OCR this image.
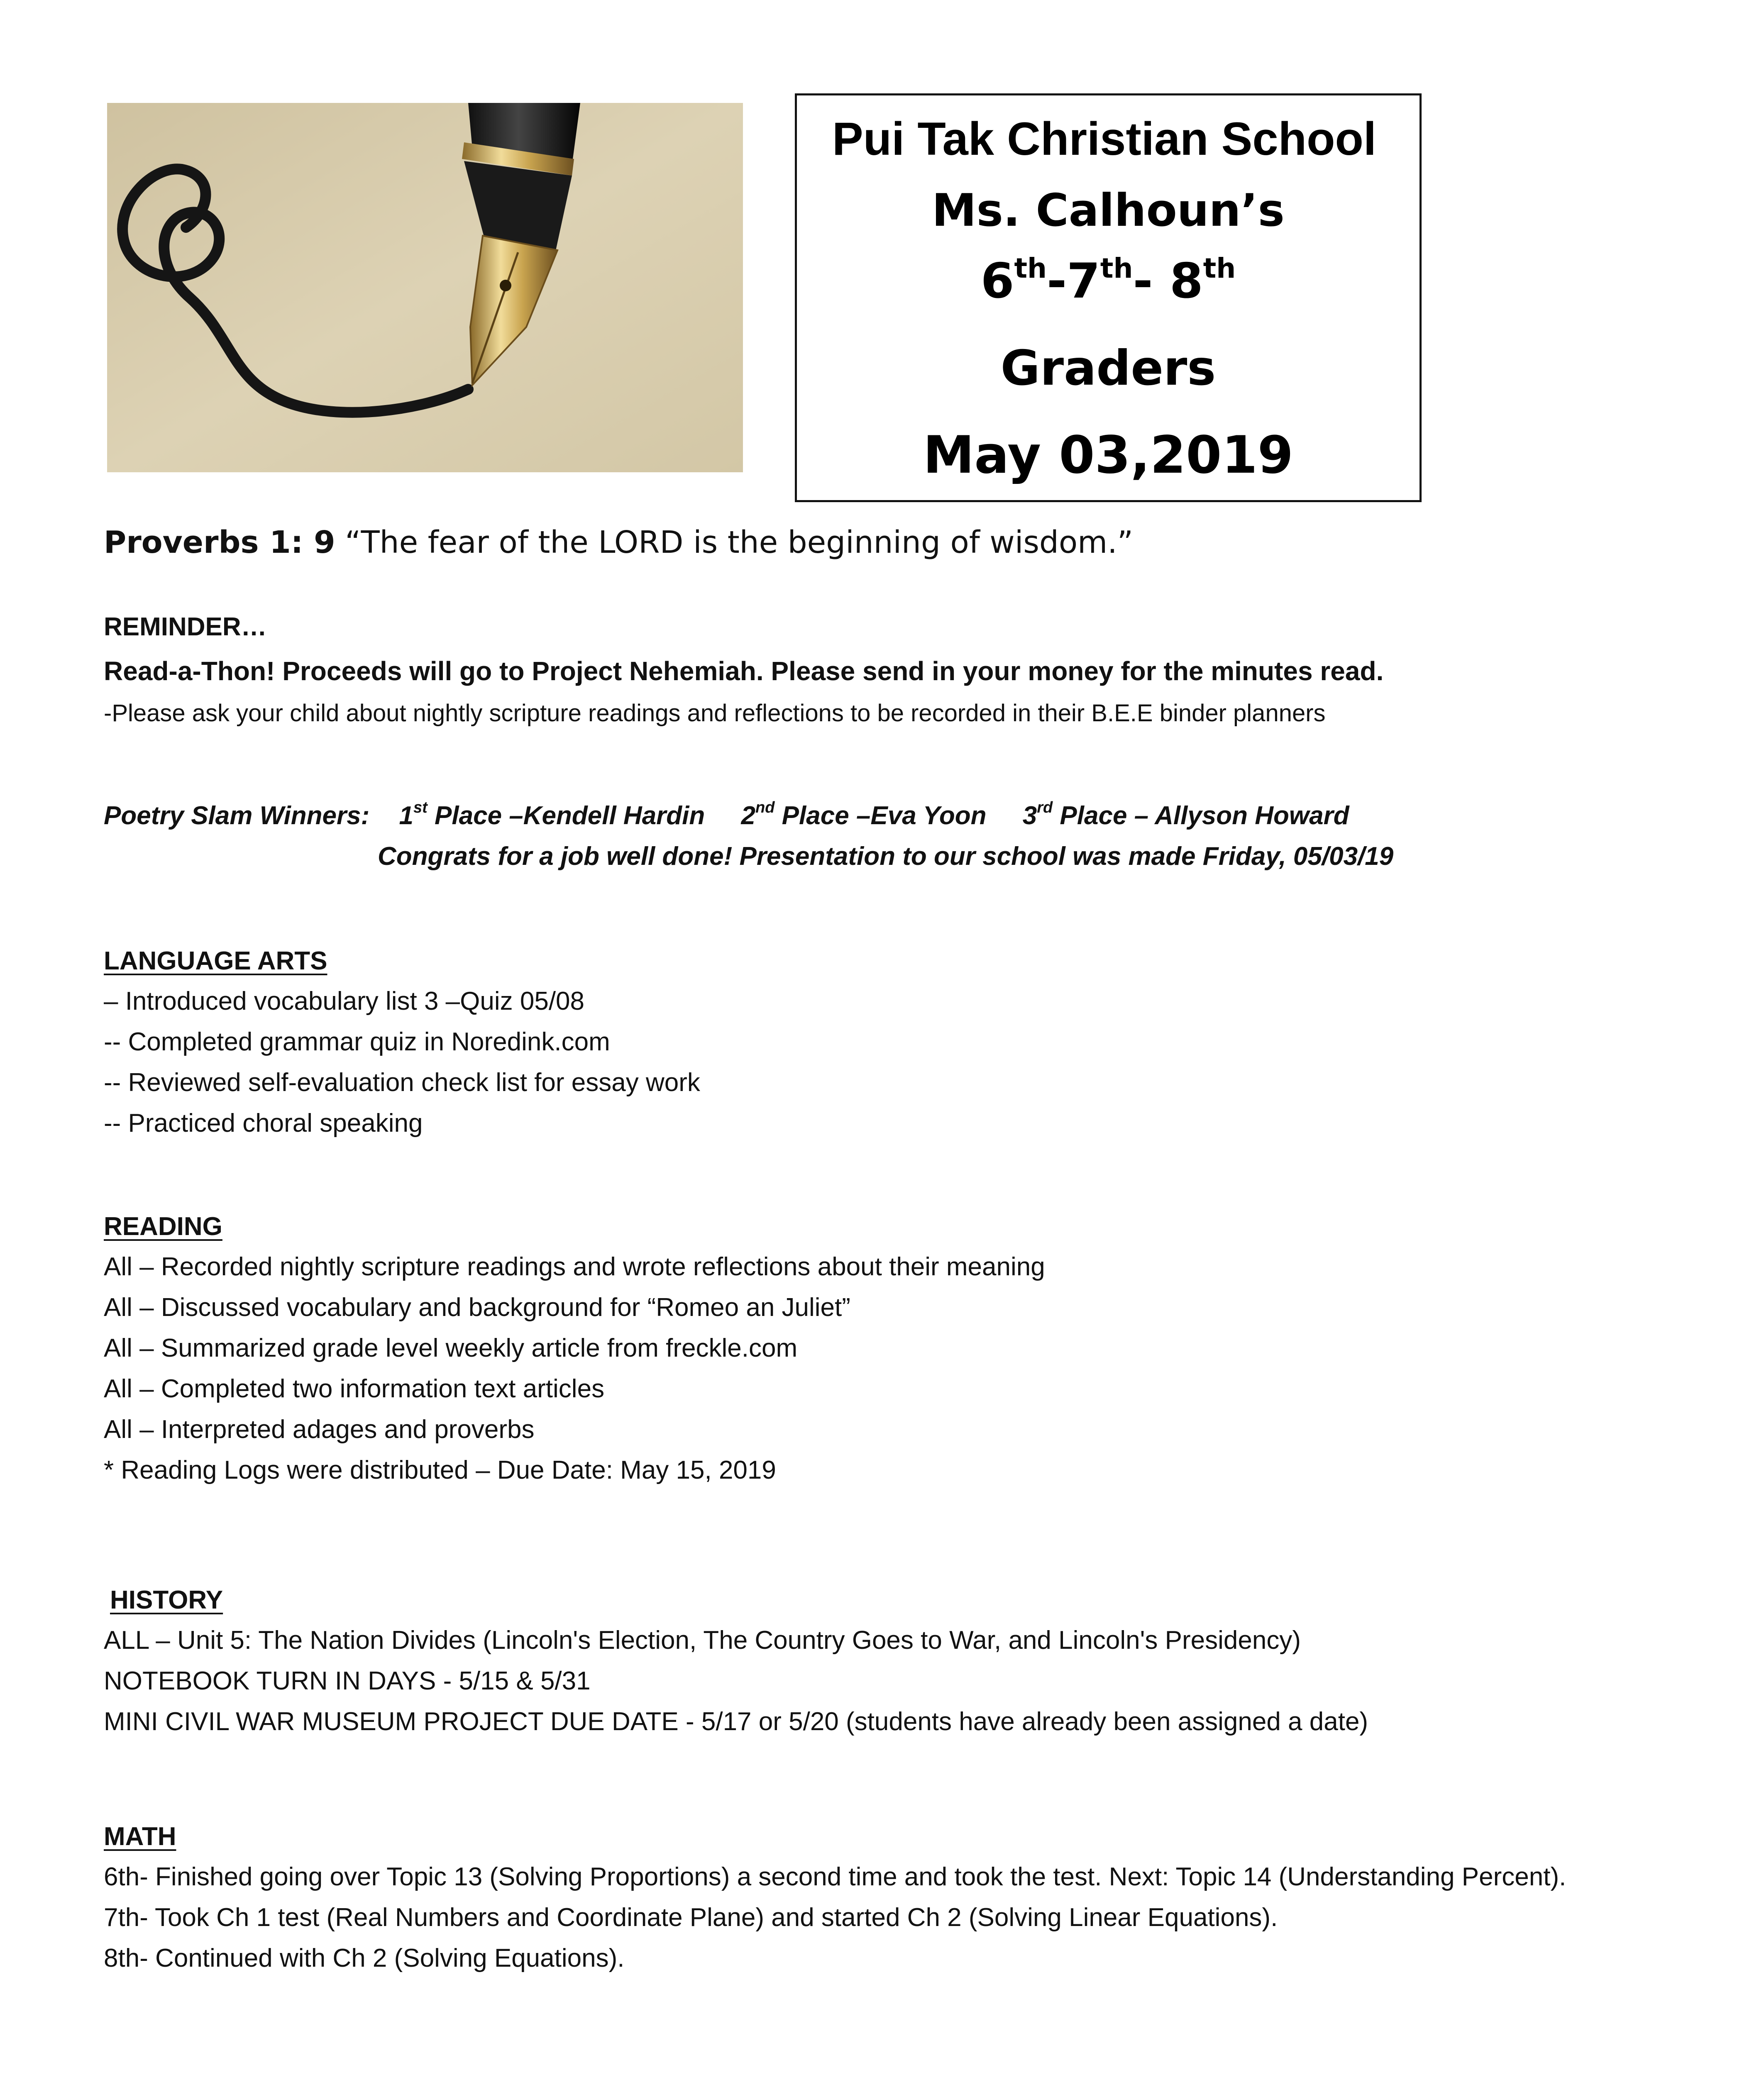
Pui Tak Christian School
Ms. Calhoun’s
6th-7th- 8th
Graders
May 03,2019
Proverbs 1: 9 “The fear of the LORD is the beginning of wisdom.”
REMINDER…
Read-a-Thon! Proceeds will go to Project Nehemiah. Please send in your money for the minutes read.
-Please ask your child about nightly scripture readings and reflections to be recorded in their B.E.E binder planners
Poetry Slam Winners: 1st Place –Kendell Hardin 2nd Place –Eva Yoon 3rd Place – Allyson Howard
Congrats for a job well done! Presentation to our school was made Friday, 05/03/19
LANGUAGE ARTS
– Introduced vocabulary list 3 –Quiz 05/08
-- Completed grammar quiz in Noredink.com
-- Reviewed self-evaluation check list for essay work
-- Practiced choral speaking
READING
All – Recorded nightly scripture readings and wrote reflections about their meaning
All – Discussed vocabulary and background for “Romeo an Juliet”
All – Summarized grade level weekly article from freckle.com
All – Completed two information text articles
All – Interpreted adages and proverbs
* Reading Logs were distributed – Due Date: May 15, 2019
HISTORY
ALL – Unit 5: The Nation Divides (Lincoln's Election, The Country Goes to War, and Lincoln's Presidency)
NOTEBOOK TURN IN DAYS - 5/15 & 5/31
MINI CIVIL WAR MUSEUM PROJECT DUE DATE - 5/17 or 5/20 (students have already been assigned a date)
MATH
6th- Finished going over Topic 13 (Solving Proportions) a second time and took the test. Next: Topic 14 (Understanding Percent).
7th- Took Ch 1 test (Real Numbers and Coordinate Plane) and started Ch 2 (Solving Linear Equations).
8th- Continued with Ch 2 (Solving Equations).
